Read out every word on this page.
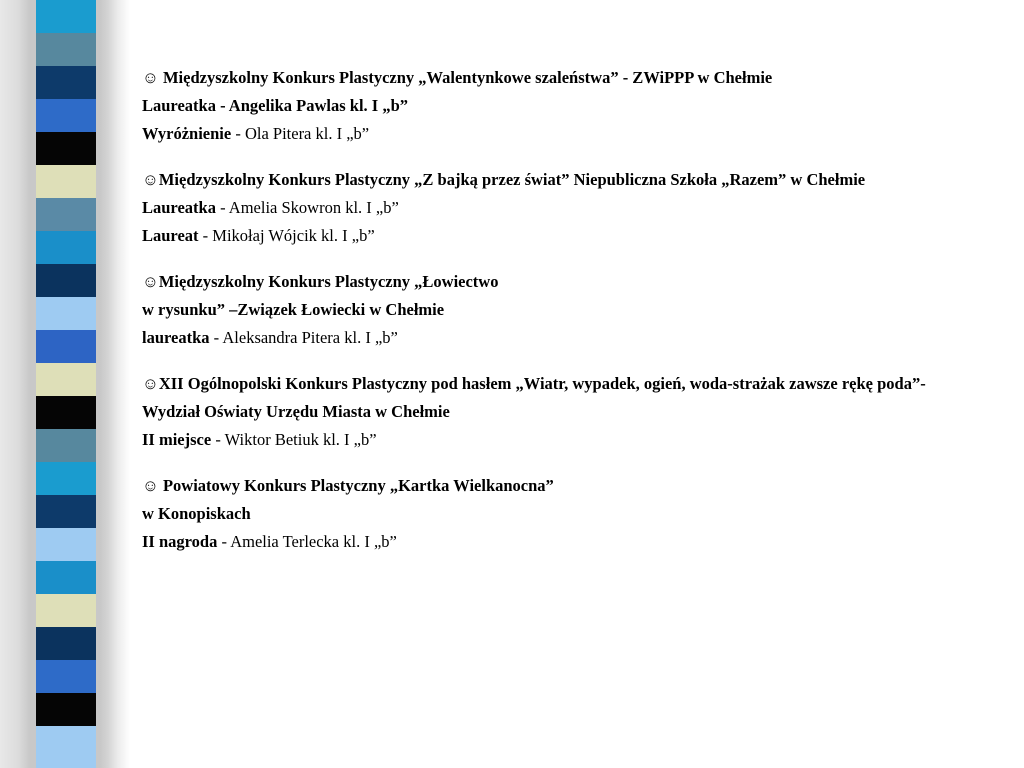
☺ Międzyszkolny Konkurs Plastyczny „Walentynkowe szaleństwa” - ZWiPPP w Chełmie
Laureatka - Angelika Pawlas kl. I „b”
Wyróżnienie - Ola Pitera kl. I „b”
☺Międzyszkolny Konkurs Plastyczny „Z bajką przez świat” Niepubliczna Szkoła „Razem” w Chełmie
Laureatka - Amelia Skowron kl. I „b”
Laureat - Mikołaj Wójcik kl. I „b”
☺Międzyszkolny Konkurs Plastyczny „Łowiectwo
w rysunku” –Związek Łowiecki w Chełmie
laureatka - Aleksandra Pitera kl. I „b”
☺XII Ogólnopolski Konkurs Plastyczny pod hasłem „Wiatr, wypadek, ogień, woda-strażak zawsze rękę poda”-
Wydział Oświaty Urzędu Miasta w Chełmie
II miejsce - Wiktor Betiuk kl. I „b”
☺ Powiatowy Konkurs Plastyczny „Kartka Wielkanocna”
w Konopiskach
II nagroda - Amelia Terlecka kl. I „b”
